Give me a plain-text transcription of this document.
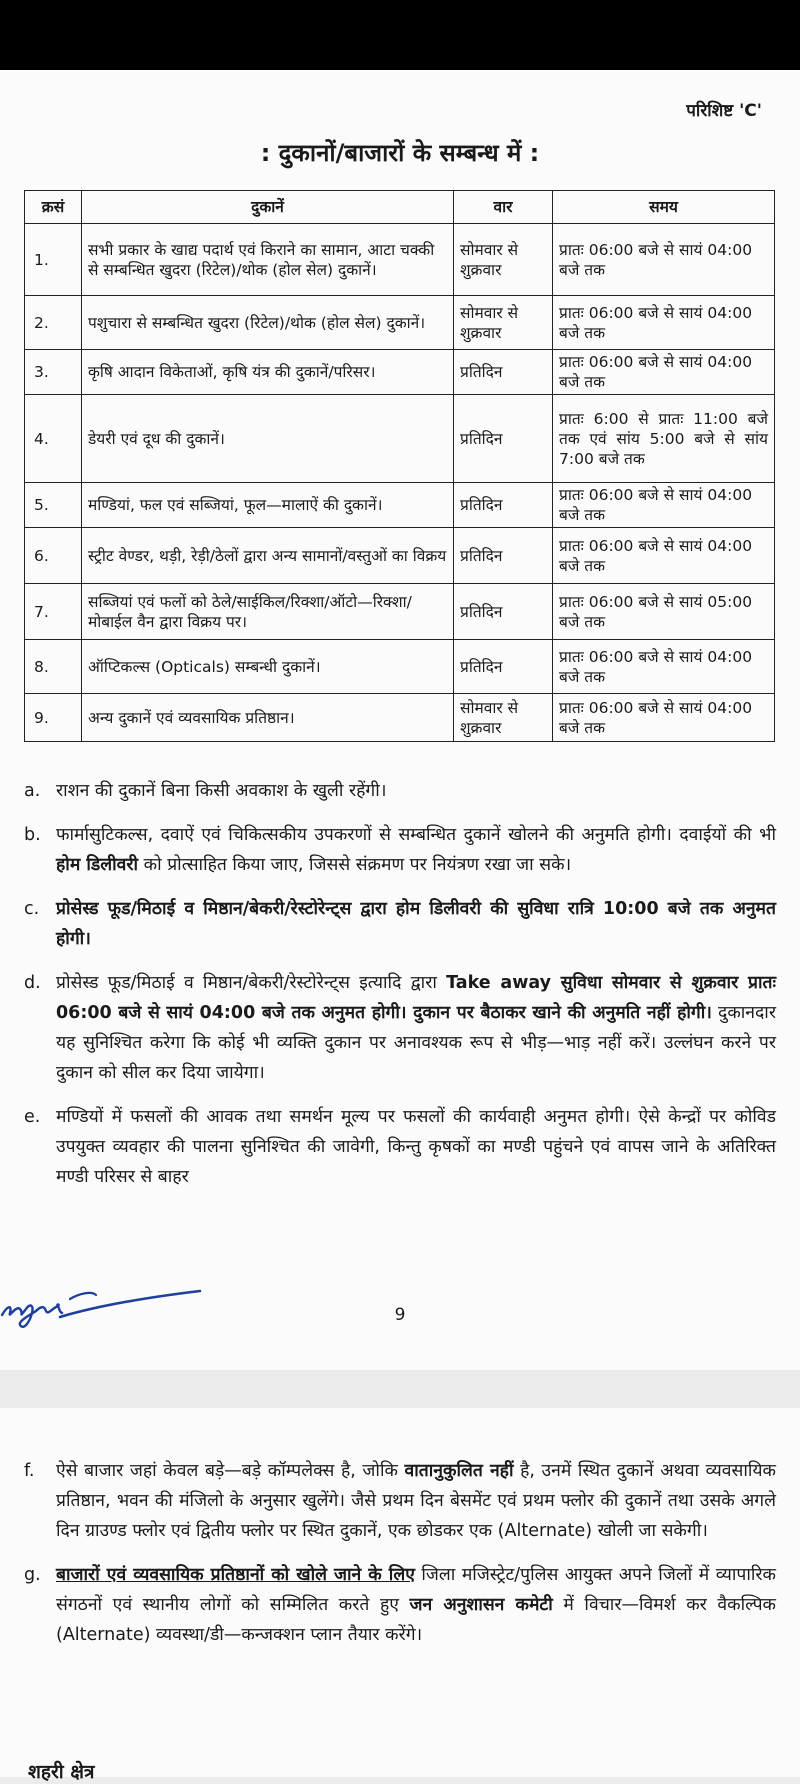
परिशिष्ट 'C'
: दुकानों/बाजारों के सम्बन्ध में :
क्रसं	दुकानें	वार	समय
1.	सभी प्रकार के खाद्य पदार्थ एवं किराने का सामान, आटा चक्की से सम्बन्धित खुदरा (रिटेल)/थोक (होल सेल) दुकानें।	सोमवार से शुक्रवार	प्रातः 06:00 बजे से सायं 04:00 बजे तक
2.	पशुचारा से सम्बन्धित खुदरा (रिटेल)/थोक (होल सेल) दुकानें।	सोमवार से शुक्रवार	प्रातः 06:00 बजे से सायं 04:00 बजे तक
3.	कृषि आदान विकेताओं, कृषि यंत्र की दुकानें/परिसर।	प्रतिदिन	प्रातः 06:00 बजे से सायं 04:00 बजे तक
4.	डेयरी एवं दूध की दुकानें।	प्रतिदिन	प्रातः 6:00 से प्रातः 11:00 बजे तक एवं सांय 5:00 बजे से सांय 7:00 बजे तक
5.	मण्डियां, फल एवं सब्जियां, फूल—मालाऐं की दुकानें।	प्रतिदिन	प्रातः 06:00 बजे से सायं 04:00 बजे तक
6.	स्ट्रीट वेण्डर, थड़ी, रेड़ी/ठेलों द्वारा अन्य सामानों/वस्तुओं का विक्रय	प्रतिदिन	प्रातः 06:00 बजे से सायं 04:00 बजे तक
7.	सब्जियां एवं फलों को ठेले/साईकिल/रिक्शा/ऑटो—रिक्शा/मोबाईल वैन द्वारा विक्रय पर।	प्रतिदिन	प्रातः 06:00 बजे से सायं 05:00 बजे तक
8.	ऑप्टिकल्स (Opticals) सम्बन्धी दुकानें।	प्रतिदिन	प्रातः 06:00 बजे से सायं 04:00 बजे तक
9.	अन्य दुकानें एवं व्यवसायिक प्रतिष्ठान।	सोमवार से शुक्रवार	प्रातः 06:00 बजे से सायं 04:00 बजे तक
a. राशन की दुकानें बिना किसी अवकाश के खुली रहेंगी।
b. फार्मासुटिकल्स, दवाऐं एवं चिकित्सकीय उपकरणों से सम्बन्धित दुकानें खोलने की अनुमति होगी। दवाईयों की भी होम डिलीवरी को प्रोत्साहित किया जाए, जिससे संक्रमण पर नियंत्रण रखा जा सके।
c. प्रोसेस्ड फूड/मिठाई व मिष्ठान/बेकरी/रेस्टोरेन्ट्स द्वारा होम डिलीवरी की सुविधा रात्रि 10:00 बजे तक अनुमत होगी।
d. प्रोसेस्ड फूड/मिठाई व मिष्ठान/बेकरी/रेस्टोरेन्ट्स इत्यादि द्वारा Take away सुविधा सोमवार से शुक्रवार प्रातः 06:00 बजे से सायं 04:00 बजे तक अनुमत होगी। दुकान पर बैठाकर खाने की अनुमति नहीं होगी। दुकानदार यह सुनिश्चित करेगा कि कोई भी व्यक्ति दुकान पर अनावश्यक रूप से भीड़—भाड़ नहीं करें। उल्लंघन करने पर दुकान को सील कर दिया जायेगा।
e. मण्डियों में फसलों की आवक तथा समर्थन मूल्य पर फसलों की कार्यवाही अनुमत होगी। ऐसे केन्द्रों पर कोविड उपयुक्त व्यवहार की पालना सुनिश्चित की जावेगी, किन्तु कृषकों का मण्डी पहुंचने एवं वापस जाने के अतिरिक्त मण्डी परिसर से बाहर
9
f.	ऐसे बाजार जहां केवल बड़े—बड़े कॉम्पलेक्स है, जोकि वातानुकुलित नहीं है, उनमें स्थित दुकानें अथवा व्यवसायिक प्रतिष्ठान, भवन की मंजिलो के अनुसार खुलेंगे। जैसे प्रथम दिन बेसमेंट एवं प्रथम फ्लोर की दुकानें तथा उसके अगले दिन ग्राउण्ड फ्लोर एवं द्वितीय फ्लोर पर स्थित दुकानें, एक छोडकर एक (Alternate) खोली जा सकेगी।
g. बाजारों एवं व्यवसायिक प्रतिष्ठानों को खोले जाने के लिए जिला मजिस्ट्रेट/पुलिस आयुक्त अपने जिलों में व्यापारिक संगठनों एवं स्थानीय लोगों को सम्मिलित करते हुए जन अनुशासन कमेटी में विचार—विमर्श कर वैकल्पिक (Alternate) व्यवस्था/डी—कन्जक्शन प्लान तैयार करेंगे।
शहरी क्षेत्र
